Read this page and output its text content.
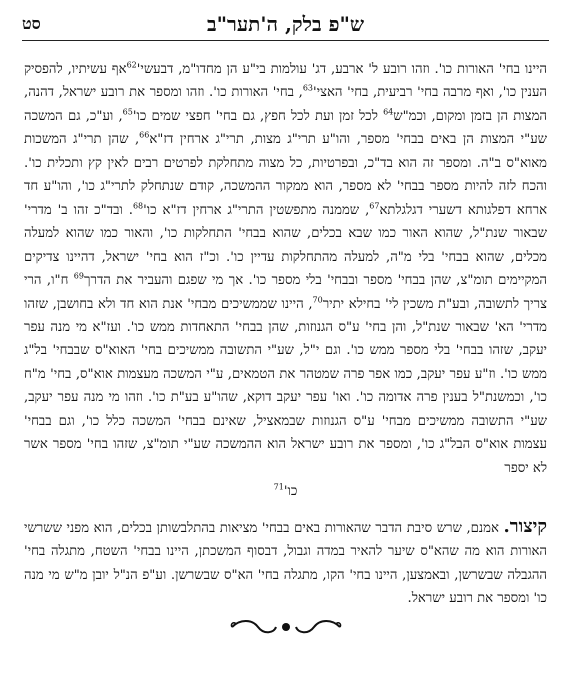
ש"פ בלק, ה'תער"ב
סט

היינו בחי' האורות כו'. וזהו רובע ל' ארבע, דג' עולמות בי"ע הן מחדו"מ, $דבעשי'^{62}אף$ עשיתיו, להפסיק הענין כו', ואף מרבה בחי' רביעית, בחי' $האצי'^{63}$, בחי' האורות כו'. וזהו ומספר את רובע ישראל, דהנה, המצות הן בזמן ומקום, וכמ"ש$^{64}$ לכל זמן ועת לכל חפץ, גם בחי' חפצי שמים $כו'^{65}$, וע"כ, גם המשכה שע"י המצות הן באים בבחי' מספר, והו"ע תרי"ג מצות, תרי"ג ארחין דז"א$^{66}$, שהן תרי"ג המשכות מאוא"ס ב"ה. ומספר זה הוא בד"כ, ובפרטיות, כל מצוה מתחלקת לפרטים רבים לאין קץ ותכלית כו'. והכח לזה להיות מספר בבחי' לא מספר, הוא ממקור ההמשכה, קודם שנתחלק לתרי"ג כו', והו"ע חד ארחא דפלגותא דשערי דגלגלתא$^{67}$, שממנה מתפשטין התרי"ג ארחין דז"א $כו'^{68}$. ובד"כ זהו ב' מדרי' שבאור שנת"ל, שהוא האור כמו שבא בכלים, שהוא בבחי' התחלקות כו', והאור כמו שהוא למעלה מכלים, שהוא בבחי' בלי מ"ה, למעלה מהתחלקות עדיין כו'. וכ"ז הוא בחי' ישראל, דהיינו צדיקים המקיימים תומ"צ, שהן בבחי' מספר ובבחי' בלי מספר כו'. אך מי שפגם והעביר את הדרך$^{69}$ ח"ו, הרי צריך לתשובה, ובע"ת משכין לי' בחילא יתיר$^{70}$, היינו שממשיכים מבחי' אנת הוא חד ולא בחושבן, שזהו מדרי' הא' שבאור שנת"ל, והן בחי' ע"ס הגנוזות, שהן בבחי' התאחדות ממש כו'. ועז"א מי מנה עפר יעקב, שזהו בבחי' בלי מספר ממש כו'. וגם י"ל, שע"י התשובה ממשיכים בחי' האוא"ס שבבחי' בל"ג ממש כו'. וז"ע עפר יעקב, כמו אפר פרה שמטהר את הטמאים, ע"י המשכה מעצמות אוא"ס, בחי' מ"ח כו', וכמשנת"ל בענין פרה אדומה כו'. ואו' עפר יעקב דוקא, שהו"ע בע"ת כו'. וזהו מי מנה עפר יעקב, שע"י התשובה ממשיכים מבחי' ע"ס הגנוזות שבמאציל, שאינם בבחי' המשכה כלל כו', וגם בבחי' עצמות אוא"ס הבל"ג כו', ומספר את רובע ישראל הוא ההמשכה שע"י תומ"צ, שזהו בחי' מספר אשר לא יספר

$כו'^{71}$

קיצור. אמנם, שרש סיבת הדבר שהאורות באים בבחי' מציאות בהתלבשותן בכלים, הוא מפני ששרשי האורות הוא מה שהא"ס שיער להאיר במדה וגבול, דבסוף המשכתן, היינו בבחי' השטח, מתגלה בחי' ההגבלה שבשרשן, ובאמצען, היינו בחי' הקו, מתגלה בחי' הא"ס שבשרשן. וע"פ הנ"ל יובן מ"ש מי מנה כו' ומספר את רובע ישראל.
